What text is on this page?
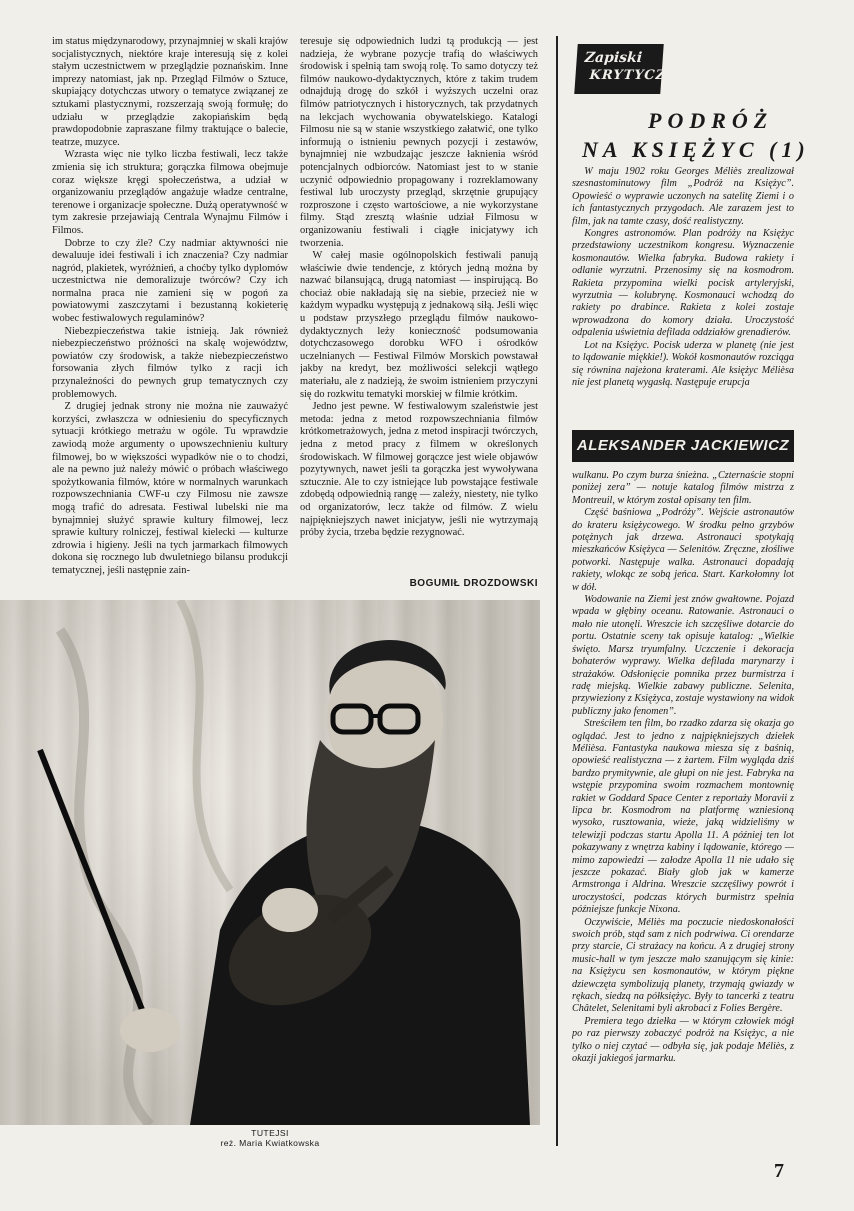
im status międzynarodowy, przynajmniej w skali krajów socjalistycznych, niektóre kraje interesują się z kolei stałym uczestnictwem w przeglądzie poznańskim. Inne imprezy natomiast, jak np. Przegląd Filmów o Sztuce, skupiający dotychczas utwory o tematyce związanej ze sztukami plastycznymi, rozszerzają swoją formułę; do udziału w przeglądzie zakopiańskim będą prawdopodobnie zapraszane filmy traktujące o balecie, teatrze, muzyce.

Wzrasta więc nie tylko liczba festiwali, lecz także zmienia się ich struktura; gorączka filmowa obejmuje coraz większe kręgi społeczeństwa, a udział w organizowaniu przeglądów angażuje władze centralne, terenowe i organizacje społeczne. Dużą operatywność w tym zakresie przejawiają Centrala Wynajmu Filmów i Filmos.

Dobrze to czy źle? Czy nadmiar aktywności nie dewaluuje idei festiwali i ich znaczenia? Czy nadmiar nagród, plakietek, wyróżnień, a choćby tylko dyplomów uczestnictwa nie demoralizuje twórców? Czy ich normalna praca nie zamieni się w pogoń za powiatowymi zaszczytami i bezustanną kokieterię wobec festiwalowych regulaminów?

Niebezpieczeństwa takie istnieją. Jak również niebezpieczeństwo próżności na skalę województw, powiatów czy środowisk, a także niebezpieczeństwo forsowania złych filmów tylko z racji ich przynależności do pewnych grup tematycznych czy problemowych.

Z drugiej jednak strony nie można nie zauważyć korzyści, zwłaszcza w odniesieniu do specyficznych sytuacji krótkiego metrażu w ogóle. Tu wprawdzie zawiodą może argumenty o upowszechnieniu kultury filmowej, bo w większości wypadków nie o to chodzi, ale na pewno już należy mówić o próbach właściwego spożytkowania filmów, które w normalnych warunkach rozpowszechniania CWF-u czy Filmosu nie zawsze mogą trafić do adresata. Festiwal lubelski nie ma bynajmniej służyć sprawie kultury filmowej, lecz sprawie kultury rolniczej, festiwal kielecki — kulturze zdrowia i higieny. Jeśli na tych jarmarkach filmowych dokona się rocznego lub dwuletniego bilansu produkcji tematycznej, jeśli następnie zain-

teresuje się odpowiednich ludzi tą produkcją — jest nadzieja, że wybrane pozycje trafią do właściwych środowisk i spełnią tam swoją rolę. To samo dotyczy też filmów naukowo-dydaktycznych, które z takim trudem odnajdują drogę do szkół i wyższych uczelni oraz filmów patriotycznych i historycznych, tak przydatnych na lekcjach wychowania obywatelskiego. Katalogi Filmosu nie są w stanie wszystkiego załatwić, one tylko informują o istnieniu pewnych pozycji i zestawów, bynajmniej nie wzbudzając jeszcze łaknienia wśród potencjalnych odbiorców. Natomiast jest to w stanie uczynić odpowiednio propagowany i rozreklamowany festiwal lub uroczysty przegląd, skrzętnie grupujący rozproszone i często wartościowe, a nie wykorzystane filmy. Stąd zresztą właśnie udział Filmosu w organizowaniu festiwali i ciągłe inicjatywy ich tworzenia.

W całej masie ogólnopolskich festiwali panują właściwie dwie tendencje, z których jedną można by nazwać bilansującą, drugą natomiast — inspirującą. Bo chociaż obie nakładają się na siebie, przecież nie w każdym wypadku występują z jednakową siłą. Jeśli więc u podstaw przyszłego przeglądu filmów naukowo-dydaktycznych leży konieczność podsumowania dotychczasowego dorobku WFO i ośrodków uczelnianych — Festiwal Filmów Morskich powstawał jakby na kredyt, bez możliwości selekcji wątłego materiału, ale z nadzieją, że swoim istnieniem przyczyni się do rozkwitu tematyki morskiej w filmie krótkim.

Jedno jest pewne. W festiwalowym szaleństwie jest metoda: jedna z metod rozpowszechniania filmów krótkometrażowych, jedna z metod inspiracji twórczych, jedna z metod pracy z filmem w określonych środowiskach. W filmowej gorączce jest wiele objawów pozytywnych, nawet jeśli ta gorączka jest wywoływana sztucznie. Ale to czy istniejące lub powstające festiwale zdobędą odpowiednią rangę — zależy, niestety, nie tylko od organizatorów, lecz także od filmów. Z wielu najpiękniejszych nawet inicjatyw, jeśli nie wytrzymają próby życia, trzeba będzie rezygnować.

BOGUMIŁ DROZDOWSKI
TUTEJSI
reż. Maria Kwiatkowska
Zapiski
KRYTYCZNE
PODRÓŻ
NA KSIĘŻYC (1)

W maju 1902 roku Georges Méliès zrealizował szesnastominutowy film „Podróż na Księżyc”. Opowieść o wyprawie uczonych na satelitę Ziemi i o ich fantastycznych przygodach. Ale zarazem jest to film, jak na tamte czasy, dość realistyczny.

Kongres astronomów. Plan podróży na Księżyc przedstawiony uczestnikom kongresu. Wyznaczenie kosmonautów. Wielka fabryka. Budowa rakiety i odlanie wyrzutni. Przenosimy się na kosmodrom. Rakieta przypomina wielki pocisk artyleryjski, wyrzutnia — kolubrynę. Kosmonauci wchodzą do rakiety po drabince. Rakieta z kolei zostaje wprowadzona do komory działa. Uroczystość odpalenia uświetnia defilada oddziałów grenadierów.

Lot na Księżyc. Pocisk uderza w planetę (nie jest to lądowanie miękkie!). Wokół kosmonautów rozciąga się równina najeżona kraterami. Ale księżyc Mélièsa nie jest planetą wygasłą. Następuje erupcja

ALEKSANDER JACKIEWICZ

wulkanu. Po czym burza śnieżna. „Czternaście stopni poniżej zera” — notuje katalog filmów mistrza z Montreuil, w którym został opisany ten film.

Część baśniowa „Podróży”. Wejście astronautów do krateru księżycowego. W środku pełno grzybów potężnych jak drzewa. Astronauci spotykają mieszkańców Księżyca — Selenitów. Zręczne, złośliwe potworki. Następuje walka. Astronauci dopadają rakiety, wlokąc ze sobą jeńca. Start. Karkołomny lot w dół.

Wodowanie na Ziemi jest znów gwałtowne. Pojazd wpada w głębiny oceanu. Ratowanie. Astronauci o mało nie utonęli. Wreszcie ich szczęśliwe dotarcie do portu. Ostatnie sceny tak opisuje katalog: „Wielkie święto. Marsz tryumfalny. Uczczenie i dekoracja bohaterów wyprawy. Wielka defilada marynarzy i strażaków. Odsłonięcie pomnika przez burmistrza i radę miejską. Wielkie zabawy publiczne. Selenita, przywieziony z Księżyca, zostaje wystawiony na widok publiczny jako fenomen”.

Streściłem ten film, bo rzadko zdarza się okazja go oglądać. Jest to jedno z najpiękniejszych dziełek Mélièsa. Fantastyka naukowa miesza się z baśnią, opowieść realistyczna — z żartem. Film wygląda dziś bardzo prymitywnie, ale głupi on nie jest. Fabryka na wstępie przypomina swoim rozmachem montownię rakiet w Goddard Space Center z reportaży Moravii z lipca br. Kosmodrom na platformę wzniesioną wysoko, rusztowania, wieże, jaką widzieliśmy w telewizji podczas startu Apolla 11. A później ten lot pokazywany z wnętrza kabiny i lądowanie, którego — mimo zapowiedzi — załodze Apolla 11 nie udało się jeszcze pokazać. Biały glob jak w kamerze Armstronga i Aldrina. Wreszcie szczęśliwy powrót i uroczystości, podczas których burmistrz spełnia późniejsze funkcje Nixona.

Oczywiście, Méliès ma poczucie niedoskonałości swoich prób, stąd sam z nich podrwiwa. Ci orendarze przy starcie, Ci strażacy na końcu. A z drugiej strony music-hall w tym jeszcze mało szanującym się kinie: na Księżycu sen kosmonautów, w którym piękne dziewczęta symbolizują planety, trzymają gwiazdy w rękach, siedzą na półksiężyc. Były to tancerki z teatru Châtelet, Selenitami byli akrobaci z Folies Bergère.

Premiera tego dziełka — w którym człowiek mógł po raz pierwszy zobaczyć podróż na Księżyc, a nie tylko o niej czytać — odbyła się, jak podaje Méliès, z okazji jakiegoś jarmarku.

7
